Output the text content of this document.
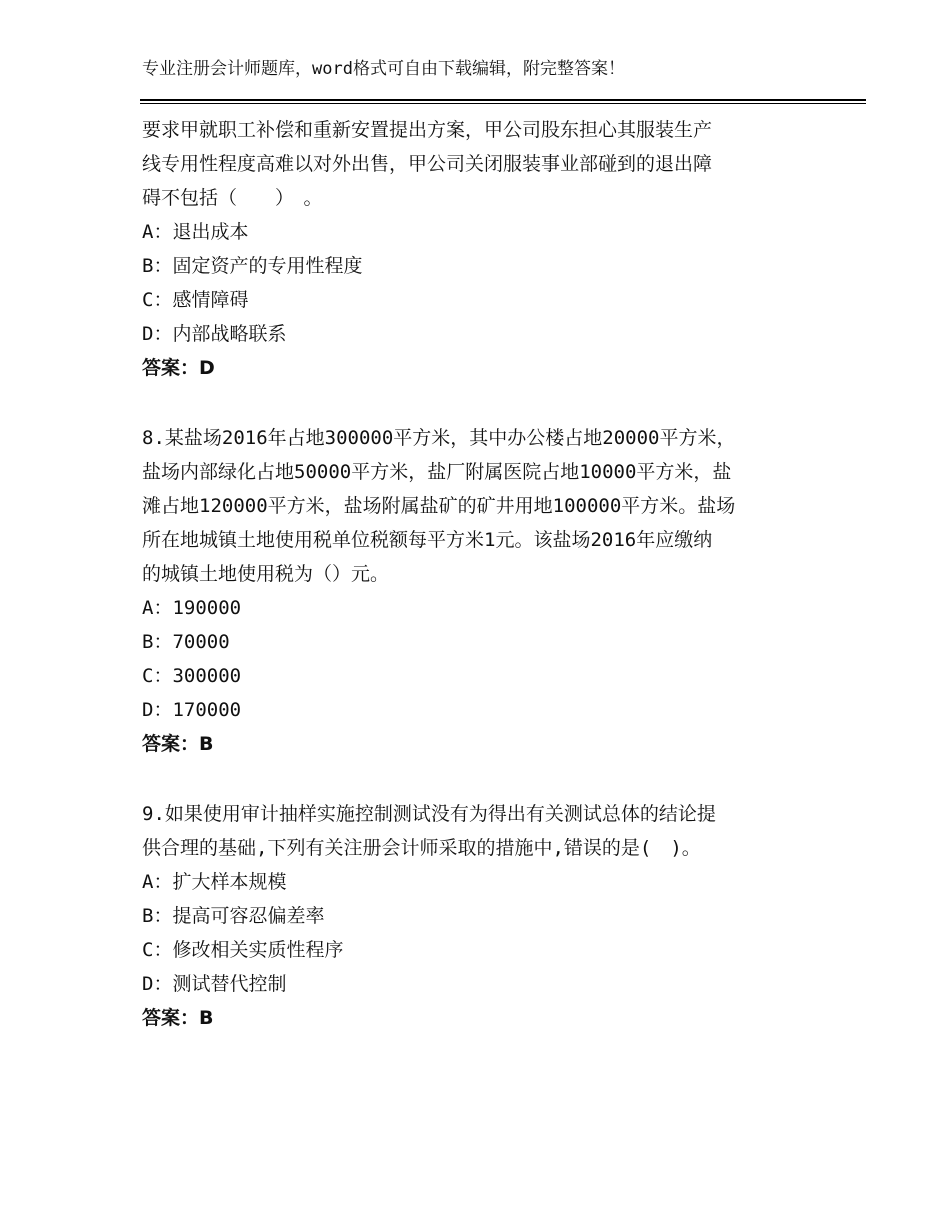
专业注册会计师题库，word格式可自由下载编辑，附完整答案！
要求甲就职工补偿和重新安置提出方案，甲公司股东担心其服装生产
线专用性程度高难以对外出售，甲公司关闭服装事业部碰到的退出障
碍不包括（　　）　。
A：退出成本
B：固定资产的专用性程度
C：感情障碍
D：内部战略联系
答案：D
8.某盐场2016年占地300000平方米，其中办公楼占地20000平方米，
盐场内部绿化占地50000平方米，盐厂附属医院占地10000平方米，盐
滩占地120000平方米，盐场附属盐矿的矿井用地100000平方米。盐场
所在地城镇土地使用税单位税额每平方米1元。该盐场2016年应缴纳
的城镇土地使用税为（）元。
A：190000
B：70000
C：300000
D：170000
答案：B
9.如果使用审计抽样实施控制测试没有为得出有关测试总体的结论提
供合理的基础,下列有关注册会计师采取的措施中,错误的是(　)。
A：扩大样本规模
B：提高可容忍偏差率
C：修改相关实质性程序
D：测试替代控制
答案：B
